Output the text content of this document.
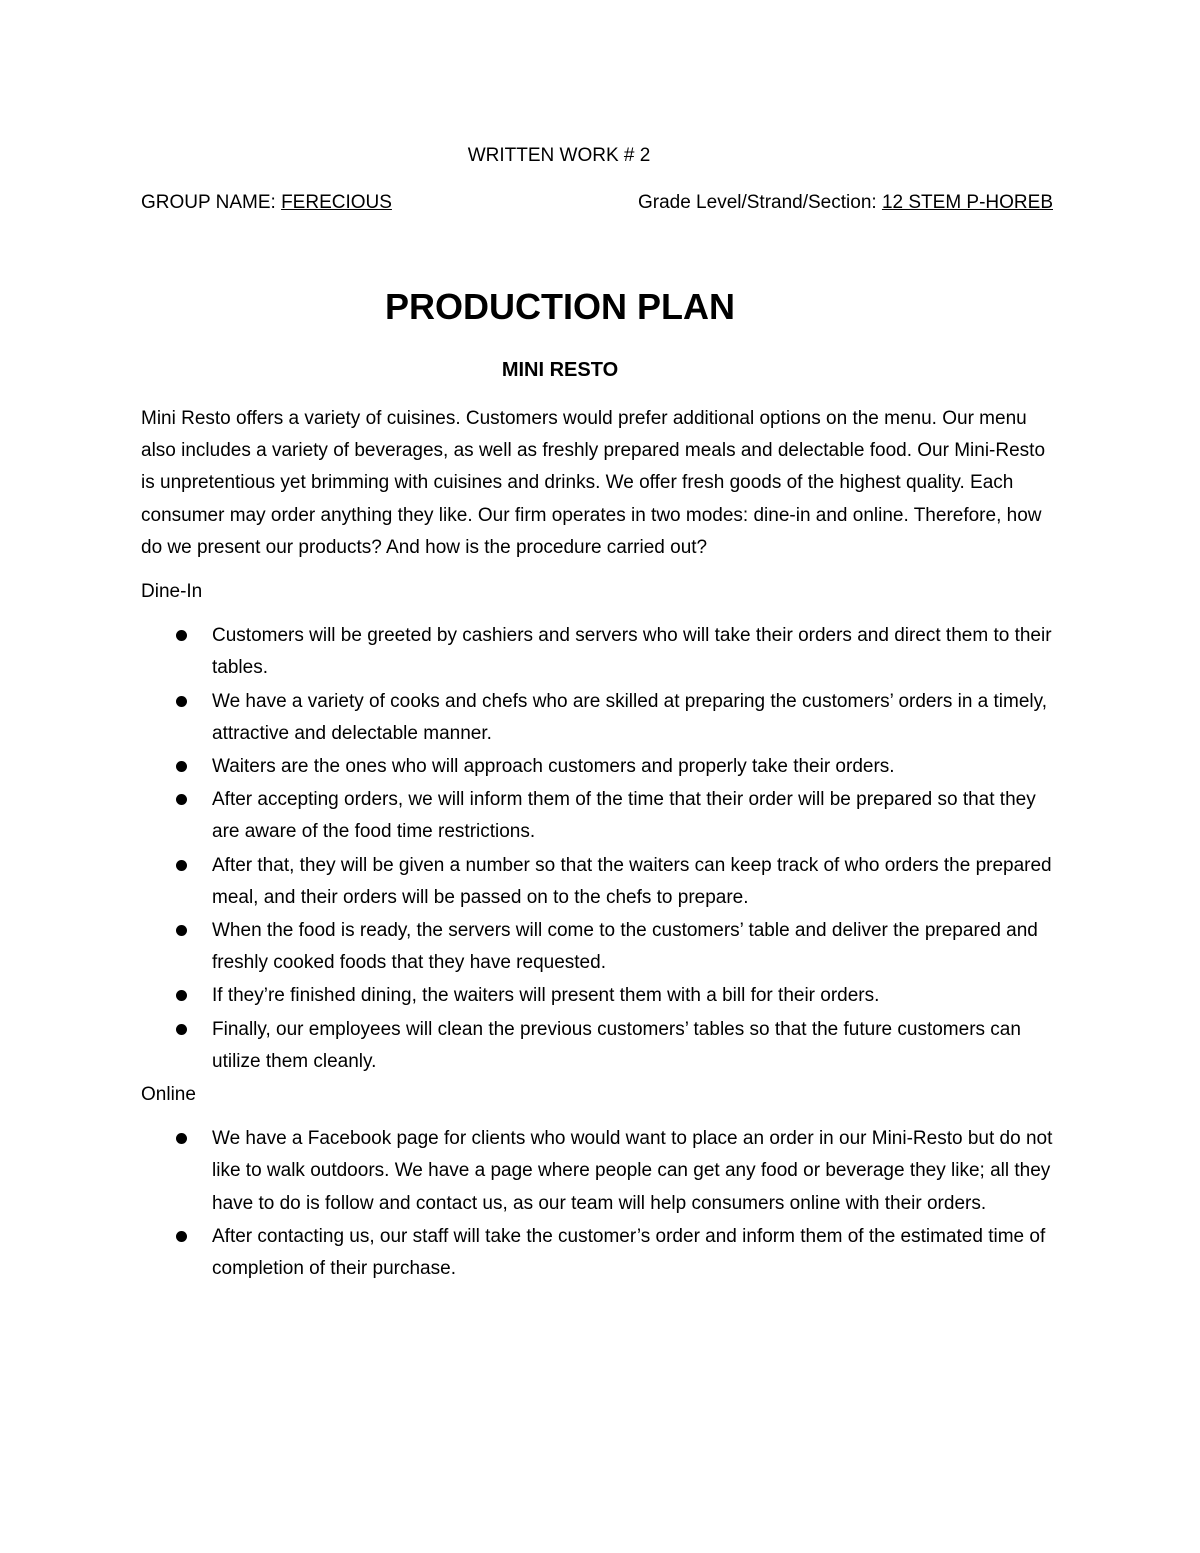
WRITTEN WORK # 2
GROUP NAME: FERECIOUS	Grade Level/Strand/Section: 12 STEM P-HOREB
PRODUCTION PLAN
MINI RESTO

Mini Resto offers a variety of cuisines. Customers would prefer additional options on the menu. Our menu also includes a variety of beverages, as well as freshly prepared meals and delectable food. Our Mini-Resto is unpretentious yet brimming with cuisines and drinks. We offer fresh goods of the highest quality. Each consumer may order anything they like. Our firm operates in two modes: dine-in and online. Therefore, how do we present our products? And how is the procedure carried out?

Dine-In

Customers will be greeted by cashiers and servers who will take their orders and direct them to their tables.
We have a variety of cooks and chefs who are skilled at preparing the customers’ orders in a timely, attractive and delectable manner.
Waiters are the ones who will approach customers and properly take their orders.
After accepting orders, we will inform them of the time that their order will be prepared so that they are aware of the food time restrictions.
After that, they will be given a number so that the waiters can keep track of who orders the prepared meal, and their orders will be passed on to the chefs to prepare.
When the food is ready, the servers will come to the customers’ table and deliver the prepared and freshly cooked foods that they have requested.
If they’re finished dining, the waiters will present them with a bill for their orders.
Finally, our employees will clean the previous customers’ tables so that the future customers can utilize them cleanly.

Online

We have a Facebook page for clients who would want to place an order in our Mini-Resto but do not like to walk outdoors. We have a page where people can get any food or beverage they like; all they have to do is follow and contact us, as our team will help consumers online with their orders.
After contacting us, our staff will take the customer’s order and inform them of the estimated time of completion of their purchase.
